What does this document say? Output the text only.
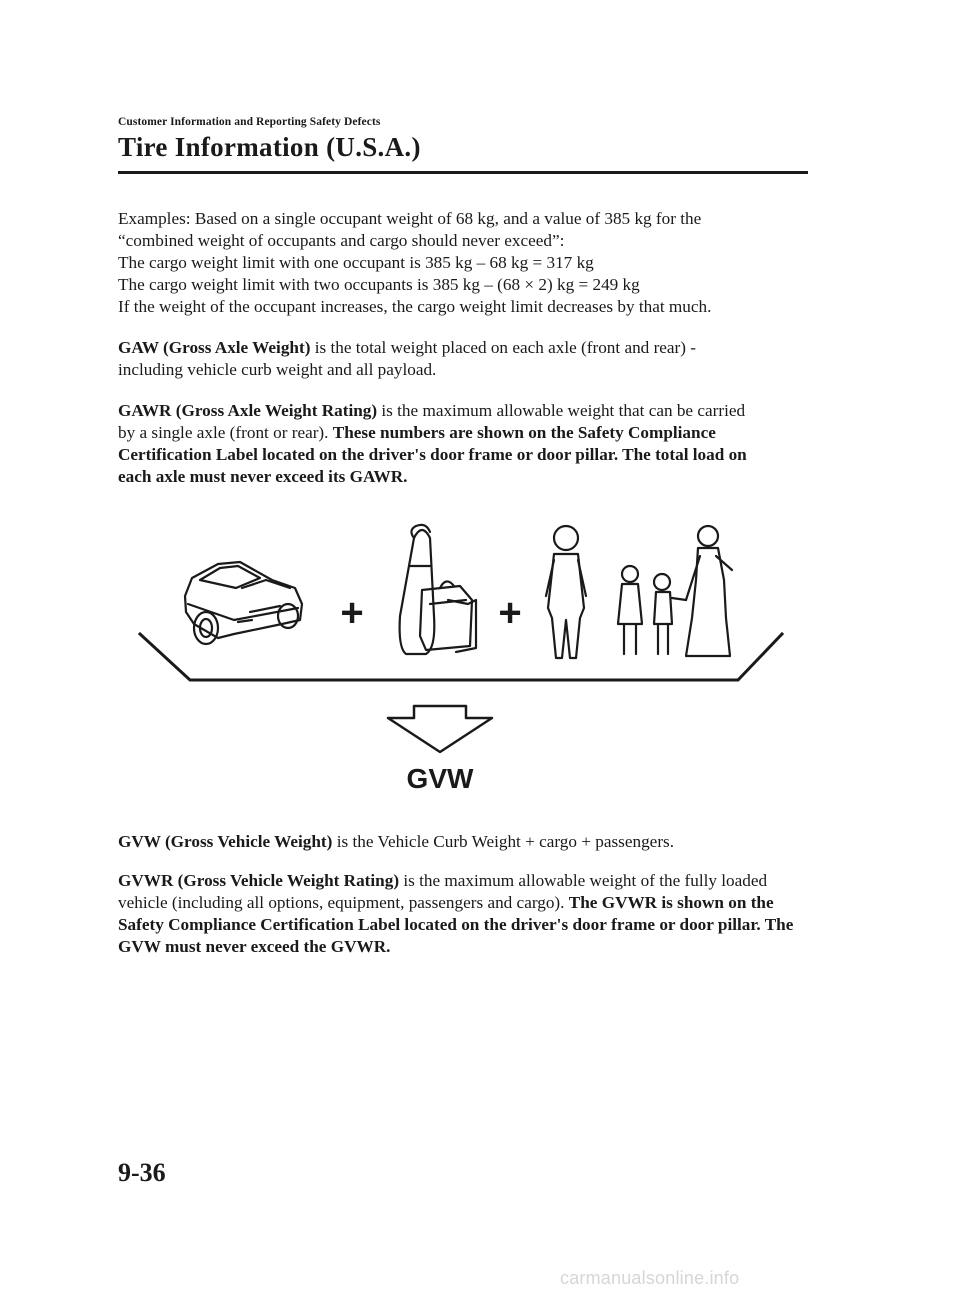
Customer Information and Reporting Safety Defects
Tire Information (U.S.A.)

Examples: Based on a single occupant weight of 68 kg, and a value of 385 kg for the
“combined weight of occupants and cargo should never exceed”:
The cargo weight limit with one occupant is 385 kg – 68 kg = 317 kg
The cargo weight limit with two occupants is 385 kg – (68 × 2) kg = 249 kg
If the weight of the occupant increases, the cargo weight limit decreases by that much.

GAW (Gross Axle Weight) is the total weight placed on each axle (front and rear) -
including vehicle curb weight and all payload.

GAWR (Gross Axle Weight Rating) is the maximum allowable weight that can be carried
by a single axle (front or rear). These numbers are shown on the Safety Compliance
Certification Label located on the driver's door frame or door pillar. The total load on
each axle must never exceed its GAWR.

+	+
GVW

GVW (Gross Vehicle Weight) is the Vehicle Curb Weight + cargo + passengers.

GVWR (Gross Vehicle Weight Rating) is the maximum allowable weight of the fully loaded vehicle (including all options, equipment, passengers and cargo). The GVWR is shown on the Safety Compliance Certification Label located on the driver's door frame or door pillar. The GVW must never exceed the GVWR.

9-36
carmanualsonline.info
